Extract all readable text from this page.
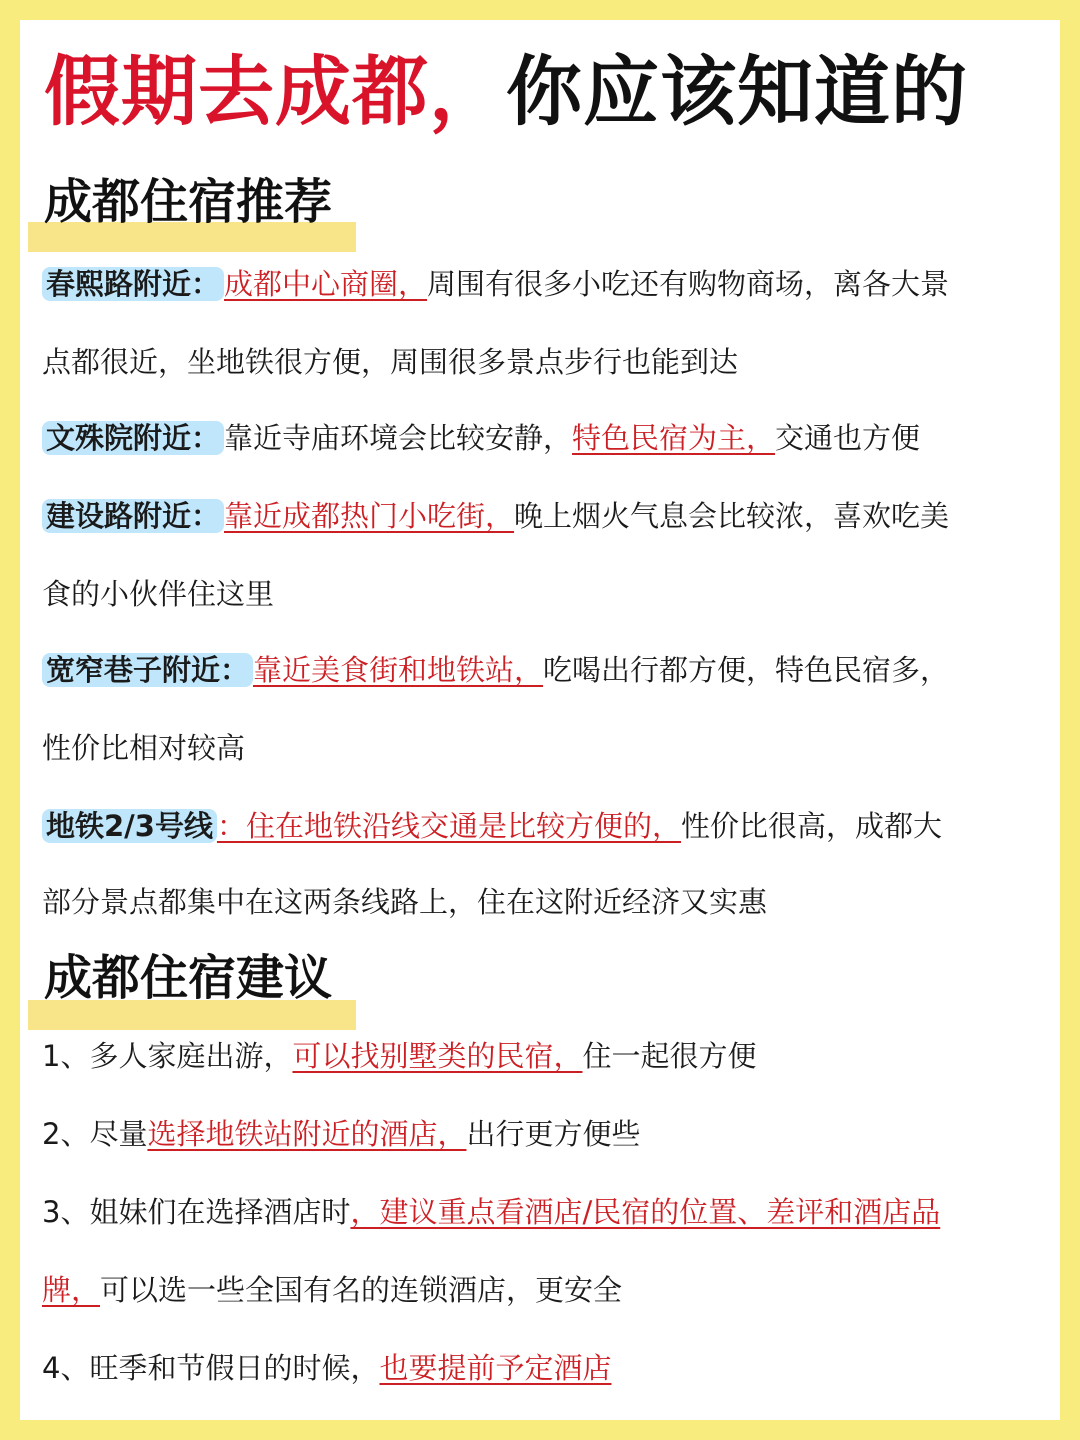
假期去成都，你应该知道的
成都住宿推荐
春熙路附近： 成都中心商圈，周围有很多小吃还有购物商场，离各大景
点都很近，坐地铁很方便，周围很多景点步行也能到达
文殊院附近： 靠近寺庙环境会比较安静，特色民宿为主，交通也方便
建设路附近： 靠近成都热门小吃街，晚上烟火气息会比较浓，喜欢吃美
食的小伙伴住这里
宽窄巷子附近： 靠近美食街和地铁站，吃喝出行都方便，特色民宿多，
性价比相对较高
地铁2/3号线 ：住在地铁沿线交通是比较方便的，性价比很高，成都大
部分景点都集中在这两条线路上，住在这附近经济又实惠
成都住宿建议
1、多人家庭出游，可以找别墅类的民宿，住一起很方便
2、尽量选择地铁站附近的酒店，出行更方便些
3、姐妹们在选择酒店时，建议重点看酒店/民宿的位置、差评和酒店品
牌，可以选一些全国有名的连锁酒店，更安全
4、旺季和节假日的时候，也要提前予定酒店
